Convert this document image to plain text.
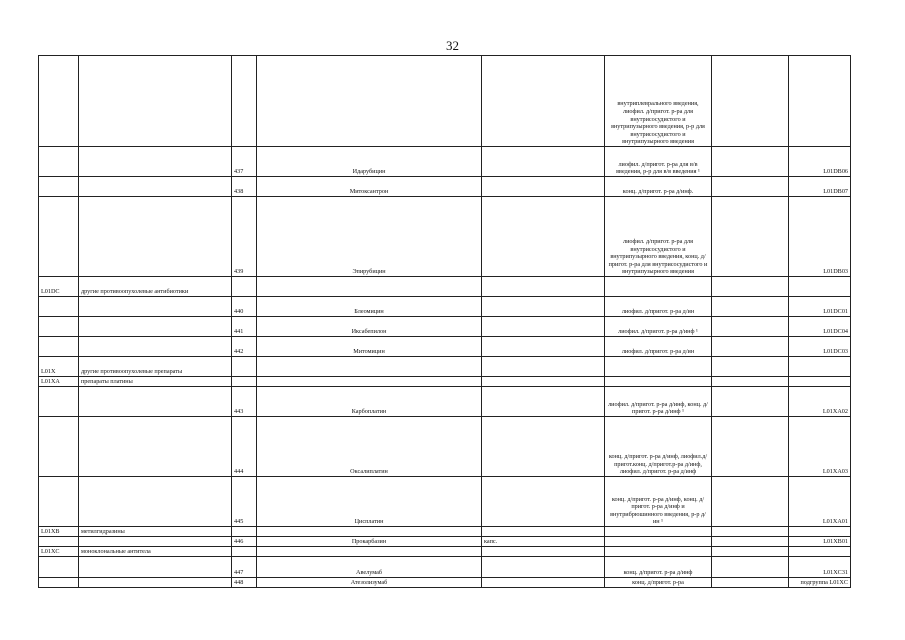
32
					внутриплеврального введения, лиофил. д/пригот. р-ра для внутрисосудистого и внутрипузырного введения, р-р для внутрисосудистого и внутрипузырного введения		
		437	Идарубицин		лиофил. д/пригот. р-ра для в/в введения, р-р для в/в введения ¹		L01DB06
		438	Митоксантрон		конц. д/пригот. р-ра д/инф.		L01DB07
		439	Эпирубицин		лиофил. д/пригот. р-ра для внутрисосудистого и внутрипузырного введения, конц. д/пригот. р-ра для внутрисосудистого и внутрипузырного введения		L01DB03
L01DC	другие противоопухолевые антибиотики						
		440	Блеомицин		лиофил. д/пригот. р-ра д/ин		L01DC01
		441	Иксабепилон		лиофил. д/пригот. р-ра д/инф ¹		L01DC04
		442	Митомицин		лиофил. д/пригот. р-ра д/ин		L01DC03
L01X	другие противоопухолевые препараты						
L01XA	препараты платины						
		443	Карбоплатин		лиофил. д/пригот. р-ра д/инф, конц. д/пригот. р-ра д/инф ¹		L01XA02
		444	Оксалиплатин		конц. д/пригот. р-ра д/инф, лиофил.д/пригот.конц. д/пригот.р-ра д/инф, лиофил. д/пригот. р-ра д/инф		L01XA03
		445	Цисплатин		конц. д/пригот. р-ра д/инф, конц. д/пригот. р-ра д/инф и внутрибрюшинного введения, р-р д/ин ¹		L01XA01
L01XB	метилгидразины						
		446	Прокарбазин	капс.			L01XB01
L01XC	моноклональные антитела						
		447	Авелумаб		конц. д/пригот. р-ра д/инф		L01XC31
		448	Атезолизумаб		конц. д/пригот. р-ра		подгруппа L01XC
